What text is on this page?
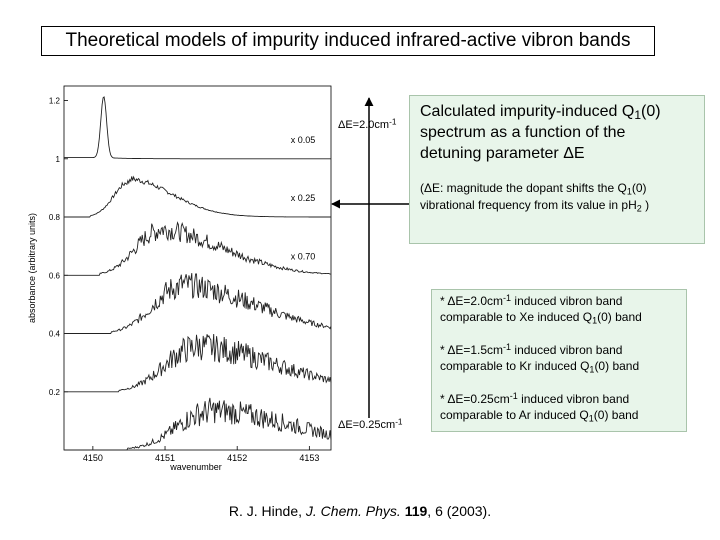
Theoretical models of impurity induced infrared-active vibron bands
0.2
0.4
0.6
0.8
1
1.2
4150	4151	4152	4153
x 0.05
x 0.25
x 0.70
wavenumber
absorbance (arbitrary units)
$\Delta E=2.0cm^{-1}$
$\Delta E=0.25cm^{-1}$
Calculated impurity-induced $Q_1(0)$
spectrum as a function of the
detuning parameter ΔE
(ΔE: magnitude the dopant shifts the $Q_1(0)$
vibrational frequency from its value in $pH_2$ )
* $\Delta E=2.0cm^{-1}$ induced vibron band
comparable to Xe induced $Q_1(0)$ band
* $\Delta E=1.5cm^{-1}$ induced vibron band
comparable to Kr induced $Q_1(0)$ band
* $\Delta E=0.25cm^{-1}$ induced vibron band
comparable to Ar induced $Q_1(0)$ band
R. J. Hinde, J. Chem. Phys. 119, 6 (2003).
